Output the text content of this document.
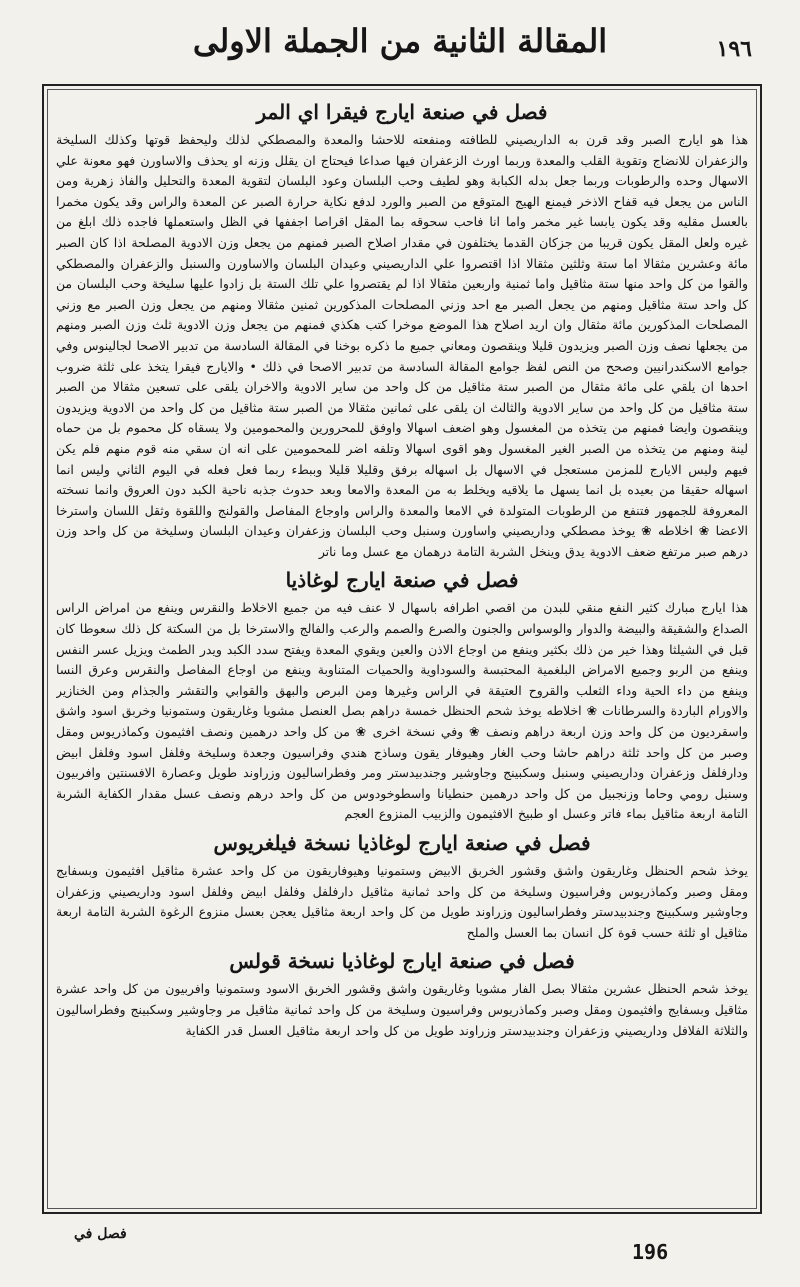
المقالة الثانية من الجملة الاولى	١٩٦
فصل في صنعة ايارج فيقرا اي المر

هذا هو ايارج الصبر وقد قرن به الداريصيني للطافته ومنفعته للاحشا والمعدة والمصطكي لذلك وليحفظ قوتها وكذلك السليخة والزعفران للانضاج وتقوية القلب والمعدة وربما اورث الزعفران فيها صداعا فيحتاج ان يقلل وزنه او يحذف والاساورن فهو معونة علي الاسهال وحده والرطوبات وربما جعل بدله الكبابة وهو لطيف وحب البلسان وعود البلسان لتقوية المعدة والتحليل والفاذ زهرية ومن الناس من يجعل فيه قفاح الاذخر فيمنع الهيج المتوقع من الصبر والورد لدفع نكاية حرارة الصبر عن المعدة والراس وقد يكون مخمرا بالعسل مقليه وقد يكون يابسا غير مخمر واما انا فاحب سحوقه بما المقل اقراصا اجففها في الظل واستعملها فاجده ذلك ابلغ من غيره ولعل المقل يكون قريبا من جزكان القدما يختلفون في مقدار اصلاح الصبر فمنهم من يجعل وزن الادوية المصلحة اذا كان الصبر مائة وعشرين مثقالا اما ستة وثلثين مثقالا اذا اقتصروا علي الداريصيني وعيدان البلسان والاساورن والسنبل والزعفران والمصطكي والقوا من كل واحد منها ستة مثاقيل واما ثمنية واربعين مثقالا اذا لم يقتصروا علي تلك الستة بل زادوا عليها سليخة وحب البلسان من كل واحد ستة مثاقيل ومنهم من يجعل الصبر مع احد وزني المصلحات المذكورين ثمنين مثقالا ومنهم من يجعل وزن الصبر مع وزني المصلحات المذكورين مائة مثقال وان اريد اصلاح هذا الموضع موخرا كتب هكذي فمنهم من يجعل وزن الادوية ثلث وزن الصبر ومنهم من يجعلها نصف وزن الصبر ويزيدون قليلا وينقصون ومعاني جميع ما ذكره بوخنا في المقالة السادسة من تدبير الاصحا لجالينوس وفي جوامع الاسكندرانيين وصحح من النص لفظ جوامع المقالة السادسة من تدبير الاصحا في ذلك • والايارج فيقرا يتخذ على ثلثة ضروب احدها ان يلقي على مائة مثقال من الصبر ستة مثاقيل من كل واحد من ساير الادوية والاخران يلقى على تسعين مثقالا من الصبر ستة مثاقيل من كل واحد من ساير الادوية والثالث ان يلقى على ثمانين مثقالا من الصبر ستة مثاقيل من كل واحد من الادوية ويزيدون وينقصون وايضا فمنهم من يتخذه من المغسول وهو اضعف اسهالا واوفق للمحرورين والمحمومين ولا يسقاه كل محموم بل من حماه لينة ومنهم من يتخذه من الصبر الغير المغسول وهو اقوى اسهالا وتلفه اضر للمحمومين على انه ان سقي منه قوم منهم فلم يكن فيهم وليس الايارج للمزمن مستعجل في الاسهال بل اسهاله برفق وقليلا قليلا وببطء ربما فعل فعله في اليوم الثاني وليس انما اسهاله حقيقا من بعيده بل انما يسهل ما يلاقيه ويخلط به من المعدة والامعا وبعد حدوث جذبه ناحية الكبد دون العروق وانما نسخته المعروفة للجمهور فتنفع من الرطوبات المتولدة في الامعا والمعدة والراس واوجاع المفاصل والقولنج واللقوة وثقل اللسان واسترخا الاعضا ❀ اخلاطه ❀ يوخذ مصطكي وداريصيني واساورن وسنبل وحب البلسان وزعفران وعيدان البلسان وسليخة من كل واحد وزن درهم صبر مرتفع ضعف الادوية يدق وينخل الشربة التامة درهمان مع عسل وما ناتر

فصل في صنعة ايارج لوغاذيا

هذا ايارج مبارك كثير النفع منقي للبدن من اقصي اطرافه باسهال لا عنف فيه من جميع الاخلاط والنقرس وينفع من امراض الراس الصداع والشقيقة والبيضة والدوار والوسواس والجنون والصرع والصمم والرعب والفالج والاسترخا بل من السكتة كل ذلك سعوطا كان قبل في الشيلثا وهذا خير من ذلك بكثير وينفع من اوجاع الاذن والعين ويقوي المعدة ويفتح سدد الكبد ويدر الطمث ويزيل عسر النفس وينفع من الربو وجميع الامراض البلغمية المحتبسة والسوداوية والحميات المتناوبة وينفع من اوجاع المفاصل والنقرس وعرق النسا وينفع من داء الحية وداء الثعلب والقروح العتيقة في الراس وغيرها ومن البرص والبهق والقوابي والتقشر والجذام ومن الخنازير والاورام الباردة والسرطانات ❀ اخلاطه يوخذ شحم الحنظل خمسة دراهم بصل العنصل مشويا وغاريقون وستمونيا وخربق اسود واشق واسقرديون من كل واحد وزن اربعة دراهم ونصف ❀ وفي نسخة اخرى ❀ من كل واحد درهمين ونصف افثيمون وكماذريوس ومقل وصبر من كل واحد ثلثة دراهم حاشا وحب الغار وهيوفار يقون وساذج هندي وفراسيون وجعدة وسليخة وفلفل اسود وفلفل ابيض ودارفلفل وزعفران وداريصيني وسنبل وسكبينج وجاوشير وجندبيدستر ومر وفطراساليون وزراوند طويل وعصارة الافسنتين وافربيون وسنبل رومي وحاما وزنجبيل من كل واحد درهمين حنطيانا واسطوخودوس من كل واحد درهم ونصف عسل مقدار الكفاية الشربة التامة اربعة مثاقيل بماء فاتر وعسل او طبيخ الافثيمون والزبيب المنزوع العجم

فصل في صنعة ايارج لوغاذيا نسخة فيلغريوس

يوخذ شحم الحنظل وغاريقون واشق وقشور الخربق الابيض وستمونيا وهيوفاريقون من كل واحد عشرة مثاقيل افثيمون وبسفايج ومقل وصبر وكماذريوس وفراسيون وسليخة من كل واحد ثمانية مثاقيل دارفلفل وفلفل ابيض وفلفل اسود وداريصيني وزعفران وجاوشير وسكبينج وجندبيدستر وفطراساليون وزراوند طويل من كل واحد اربعة مثاقيل يعجن بعسل منزوع الرغوة الشربة التامة اربعة مثاقيل او ثلثة حسب قوة كل انسان بما العسل والملح

فصل في صنعة ايارج لوغاذيا نسخة قولس

يوخذ شحم الحنظل عشرين مثقالا بصل الفار مشويا وغاريقون واشق وقشور الخربق الاسود وستمونيا وافربيون من كل واحد عشرة مثاقيل وبسفايج وافثيمون ومقل وصبر وكماذريوس وفراسيون وسليخة من كل واحد ثمانية مثاقيل مر وجاوشير وسكبينج وفطراساليون والثلاثة الفلافل وداريصيني وزعفران وجندبيدستر وزراوند طويل من كل واحد اربعة مثاقيل العسل قدر الكفاية

فصل في
196
